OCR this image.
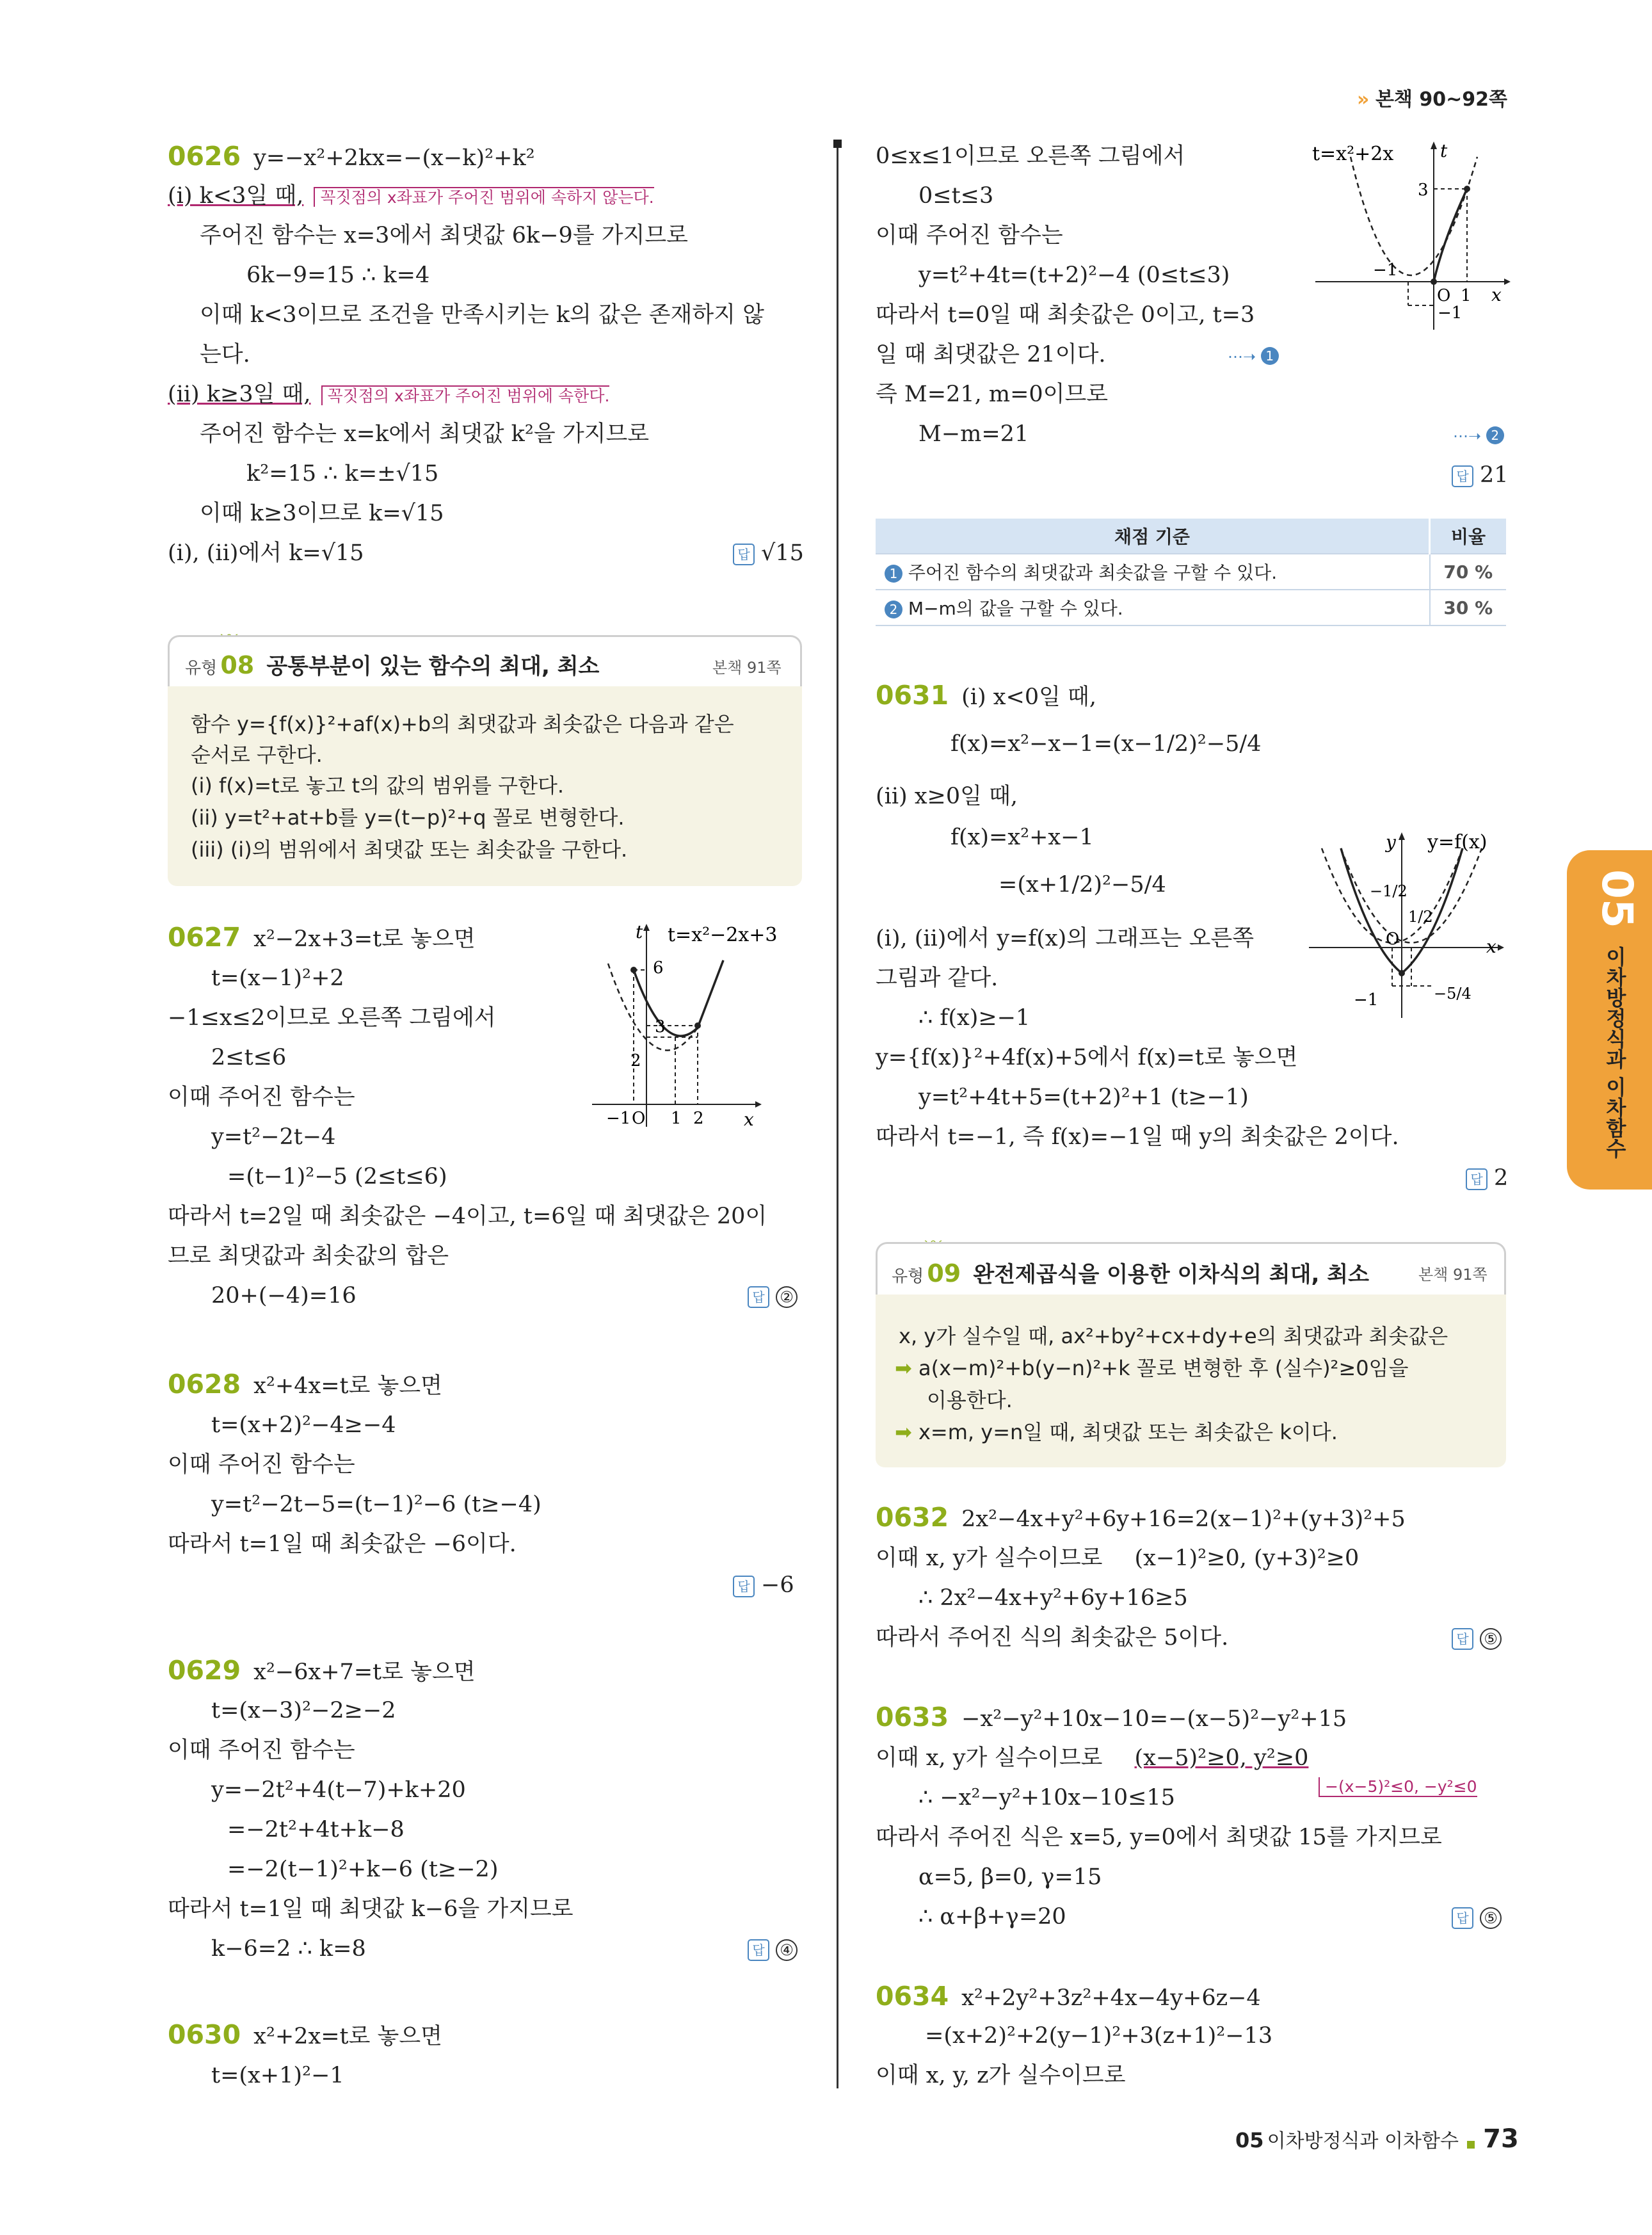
» 본책 90~92쪽
0626 y=−x²+2kx=−(x−k)²+k²
(i) k<3일 때, 꼭짓점의 x좌표가 주어진 범위에 속하지 않는다.
주어진 함수는 x=3에서 최댓값 6k−9를 가지므로
6k−9=15 ∴ k=4
이때 k<3이므로 조건을 만족시키는 k의 값은 존재하지 않
는다.
(ii) k≥3일 때, 꼭짓점의 x좌표가 주어진 범위에 속한다.
주어진 함수는 x=k에서 최댓값 k²을 가지므로
k²=15 ∴ k=±√15
이때 k≥3이므로 k=√15
(i), (ii)에서 k=√15	답 √15
유형 08 공통부분이 있는 함수의 최대, 최소	본책 91쪽
함수 y={f(x)}²+af(x)+b의 최댓값과 최솟값은 다음과 같은
순서로 구한다.
(i) f(x)=t로 놓고 t의 값의 범위를 구한다.
(ii) y=t²+at+b를 y=(t−p)²+q 꼴로 변형한다.
(iii) (i)의 범위에서 최댓값 또는 최솟값을 구한다.
0627 x²−2x+3=t로 놓으면
t=(x−1)²+2
−1≤x≤2이므로 오른쪽 그림에서
2≤t≤6
이때 주어진 함수는
y=t²−2t−4
=(t−1)²−5 (2≤t≤6)
따라서 t=2일 때 최솟값은 −4이고, t=6일 때 최댓값은 20이
므로 최댓값과 최솟값의 합은
20+(−4)=16	답 ②
t t=x²−2x+3
6
3
2
−1 O 1 2 x
0628 x²+4x=t로 놓으면
t=(x+2)²−4≥−4
이때 주어진 함수는
y=t²−2t−5=(t−1)²−6 (t≥−4)
따라서 t=1일 때 최솟값은 −6이다.
답 −6
0629 x²−6x+7=t로 놓으면
t=(x−3)²−2≥−2
이때 주어진 함수는
y=−2t²+4(t−7)+k+20
=−2t²+4t+k−8
=−2(t−1)²+k−6 (t≥−2)
따라서 t=1일 때 최댓값 k−6을 가지므로
k−6=2 ∴ k=8	답 ④
0630 x²+2x=t로 놓으면
t=(x+1)²−1
0≤x≤1이므로 오른쪽 그림에서
0≤t≤3
이때 주어진 함수는
y=t²+4t=(t+2)²−4 (0≤t≤3)
따라서 t=0일 때 최솟값은 0이고, t=3
일 때 최댓값은 21이다.	⋯➝ 1
즉 M=21, m=0이므로
M−m=21	⋯➝ 2
답 21
t=x²+2x	t
3
−1
O 1
−1
x
채점 기준	비율
1 주어진 함수의 최댓값과 최솟값을 구할 수 있다.	70 %
2 M−m의 값을 구할 수 있다.	30 %
0631 (i) x<0일 때,
f(x)=x²−x−1=(x−1/2)²−5/4
(ii) x≥0일 때,
f(x)=x²+x−1
=(x+1/2)²−5/4
(i), (ii)에서 y=f(x)의 그래프는 오른쪽
그림과 같다.
∴ f(x)≥−1
y={f(x)}²+4f(x)+5에서 f(x)=t로 놓으면
y=t²+4t+5=(t+2)²+1 (t≥−1)
따라서 t=−1, 즉 f(x)=−1일 때 y의 최솟값은 2이다.
답 2
y y=f(x)
−1/2
1/2
O
−1	−5/4
x
유형 09 완전제곱식을 이용한 이차식의 최대, 최소	본책 91쪽
x, y가 실수일 때, ax²+by²+cx+dy+e의 최댓값과 최솟값은
➡ a(x−m)²+b(y−n)²+k 꼴로 변형한 후 (실수)²≥0임을
이용한다.
➡ x=m, y=n일 때, 최댓값 또는 최솟값은 k이다.
0632 2x²−4x+y²+6y+16=2(x−1)²+(y+3)²+5
이때 x, y가 실수이므로 (x−1)²≥0, (y+3)²≥0
∴ 2x²−4x+y²+6y+16≥5
따라서 주어진 식의 최솟값은 5이다.	답 ⑤
0633 −x²−y²+10x−10=−(x−5)²−y²+15
이때 x, y가 실수이므로 (x−5)²≥0, y²≥0
−(x−5)²≤0, −y²≤0
∴ −x²−y²+10x−10≤15
따라서 주어진 식은 x=5, y=0에서 최댓값 15를 가지므로
α=5, β=0, γ=15
∴ α+β+γ=20	답 ⑤
0634 x²+2y²+3z²+4x−4y+6z−4
=(x+2)²+2(y−1)²+3(z+1)²−13
이때 x, y, z가 실수이므로
05
이차방정식과 이차함수
05 이차방정식과 이차함수 73
